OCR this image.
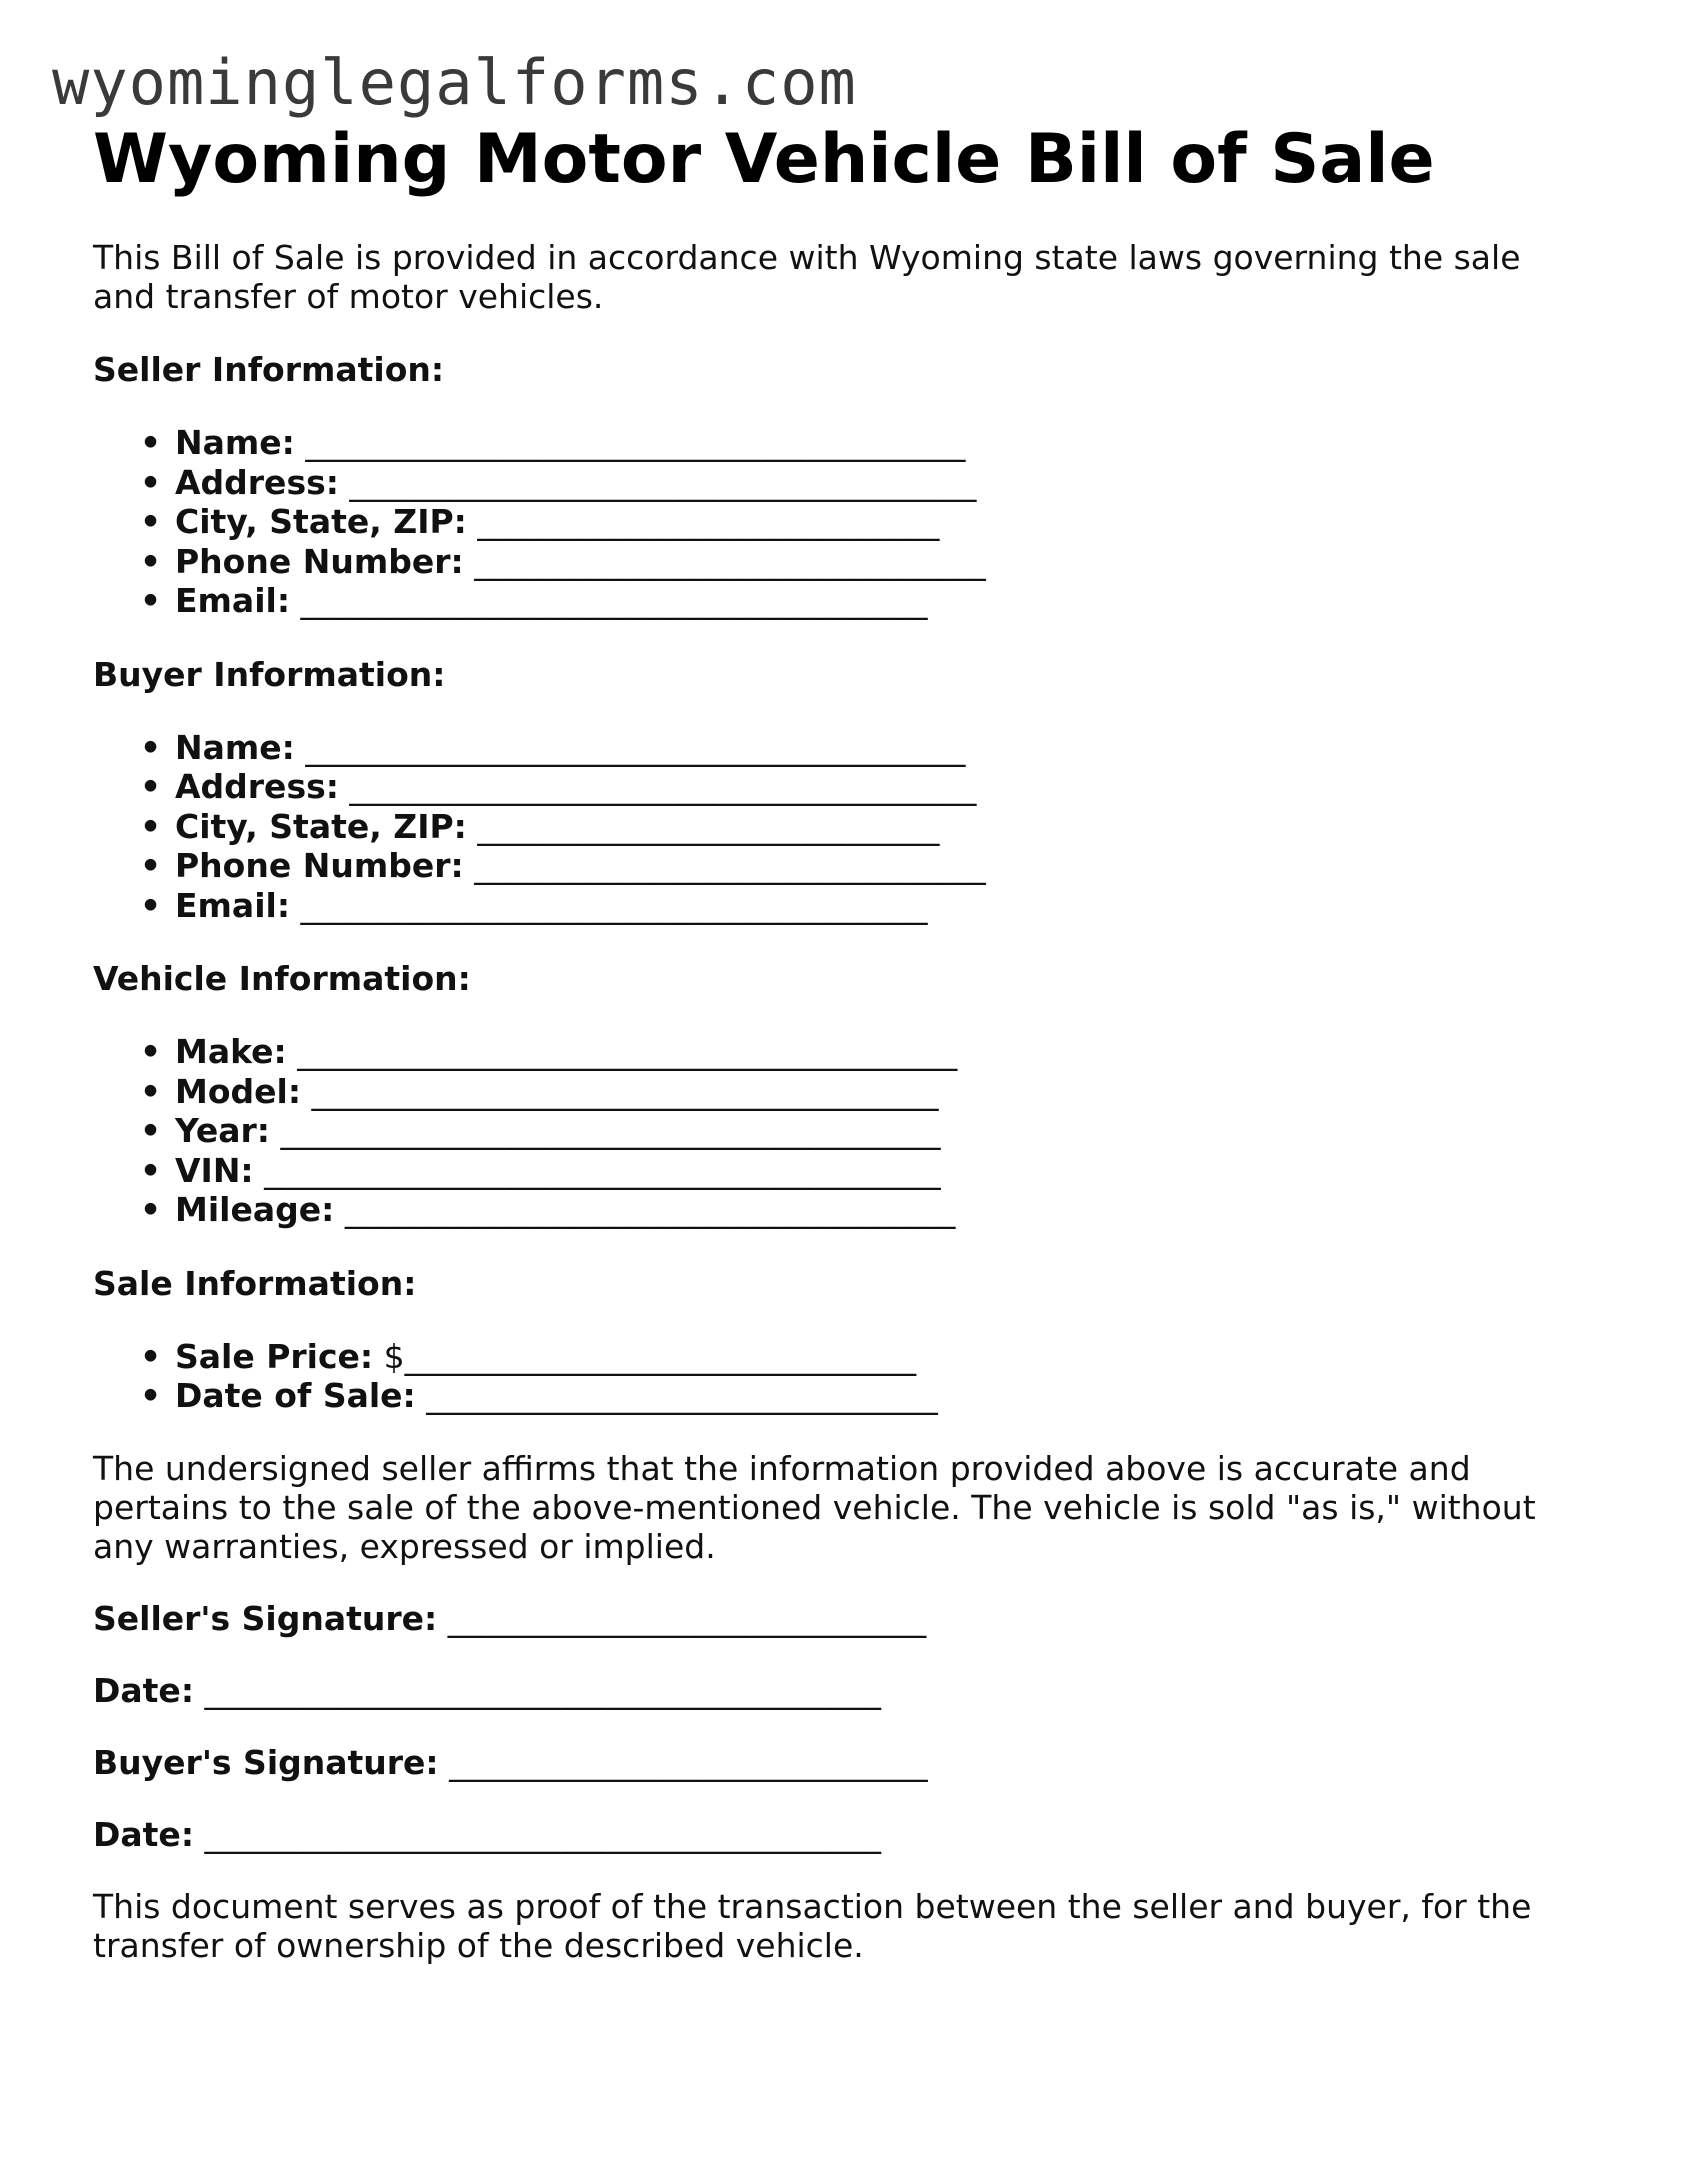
wyominglegalforms.com
Wyoming Motor Vehicle Bill of Sale

This Bill of Sale is provided in accordance with Wyoming state laws governing the sale and transfer of motor vehicles.

Seller Information:
• Name: ________________________________________
• Address: ______________________________________
• City, State, ZIP: ____________________________
• Phone Number: _______________________________
• Email: ______________________________________
Buyer Information:
• Name: ________________________________________
• Address: ______________________________________
• City, State, ZIP: ____________________________
• Phone Number: _______________________________
• Email: ______________________________________
Vehicle Information:
• Make: ________________________________________
• Model: ______________________________________
• Year: ________________________________________
• VIN: _________________________________________
• Mileage: _____________________________________
Sale Information:
• Sale Price: $_______________________________
• Date of Sale: _______________________________

The undersigned seller affirms that the information provided above is accurate and pertains to the sale of the above-mentioned vehicle. The vehicle is sold "as is," without any warranties, expressed or implied.

Seller's Signature: _____________________________
Date: _________________________________________
Buyer's Signature: _____________________________
Date: _________________________________________

This document serves as proof of the transaction between the seller and buyer, for the transfer of ownership of the described vehicle.
